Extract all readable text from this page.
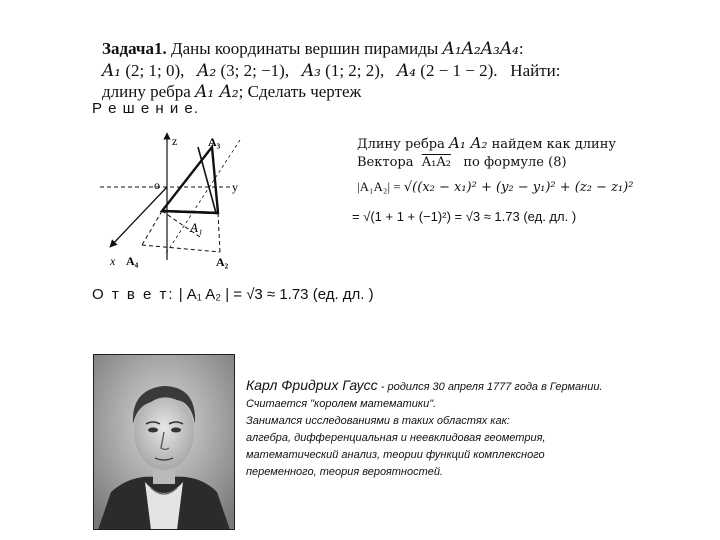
Задача1. Даны координаты вершин пирамиды A₁A₂A₃A₄:
A₁ (2; 1; 0), A₂ (3; 2; −1), A₃ (1; 2; 2), A₄ (2 − 1 − 2). Найти:
длину ребра A₁ A₂; Сделать чертеж
Р е ш е н и е.
z	A₃
o	y
A₁
x A₄	A₂
Длину ребра A₁ A₂ найдем как длину
Вектора A₁A₂ по формуле (8)
|A₁A₂| = √((x₂ − x₁)² + (y₂ − y₁)² + (z₂ − z₁)²
= √(1 + 1 + (−1)²) = √3 ≈ 1.73 (ед. дл. )
О т в е т: | A₁ A₂ | = √3 ≈ 1.73 (ед. дл. )
Карл Фридрих Гаусс - родился 30 апреля 1777 года в Германии.
Считается "королем математики".
Занимался исследованиями в таких областях как:
алгебра, дифференциальная и неевклидовая геометрия,
математический анализ, теории функций комплексного
переменного, теория вероятностей.
